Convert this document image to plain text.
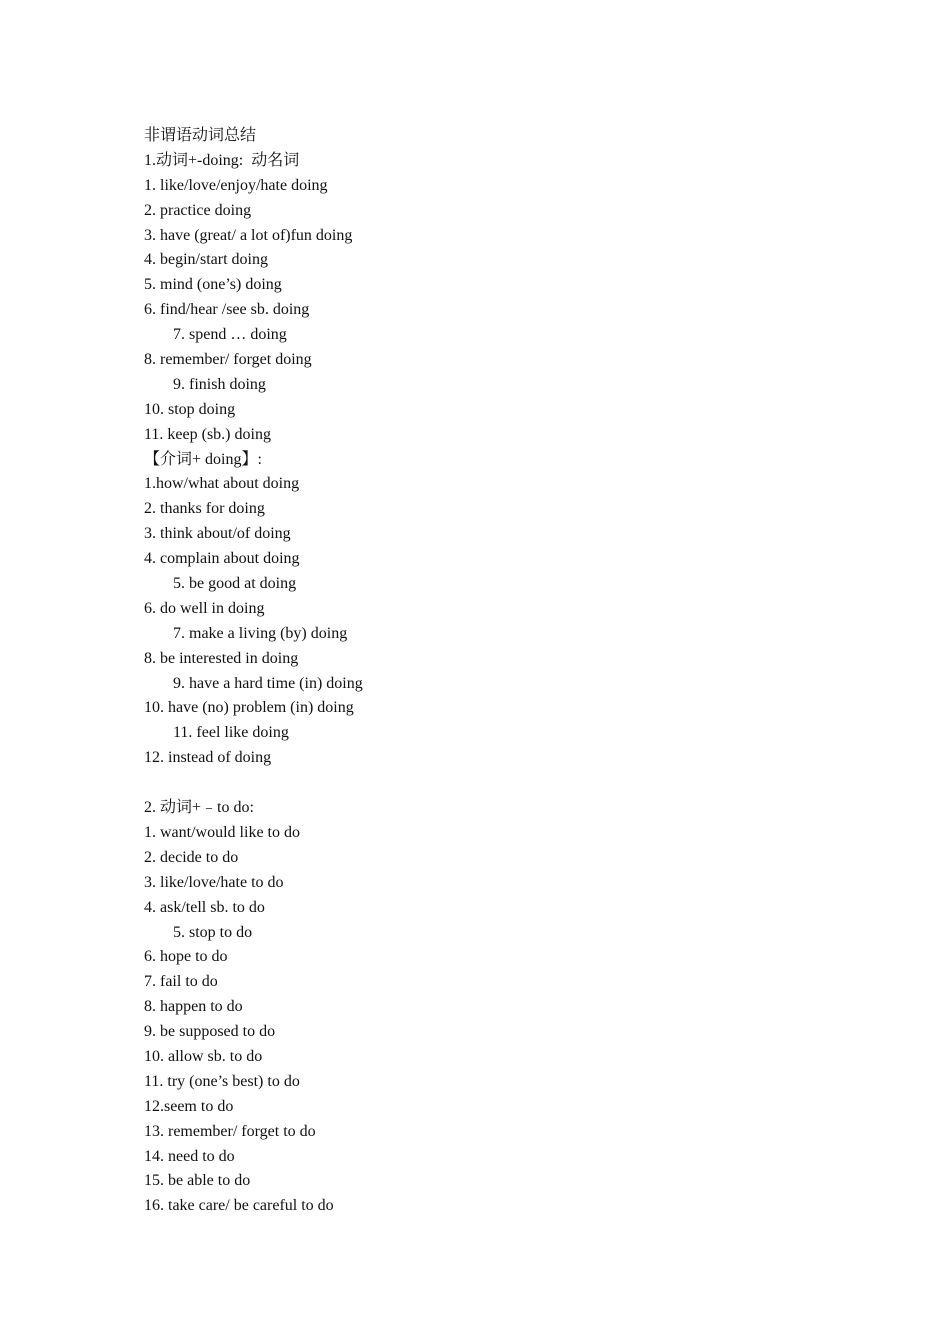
非谓语动词总结
1.动词+-doing:  动名词
1. like/love/enjoy/hate doing
2. practice doing
3. have (great/ a lot of)fun doing
4. begin/start doing
5. mind (one’s) doing
6. find/hear /see sb. doing
7. spend … doing
8. remember/ forget doing
9. finish doing
10. stop doing
11. keep (sb.) doing
【介词+ doing】:
1.how/what about doing
2. thanks for doing
3. think about/of doing
4. complain about doing
5. be good at doing
6. do well in doing
7. make a living (by) doing
8. be interested in doing
9. have a hard time (in) doing
10. have (no) problem (in) doing
11. feel like doing
12. instead of doing
2. 动词+﹣to do:
1. want/would like to do
2. decide to do
3. like/love/hate to do
4. ask/tell sb. to do
5. stop to do
6. hope to do
7. fail to do
8. happen to do
9. be supposed to do
10. allow sb. to do
11. try (one’s best) to do
12.seem to do
13. remember/ forget to do
14. need to do
15. be able to do
16. take care/ be careful to do
